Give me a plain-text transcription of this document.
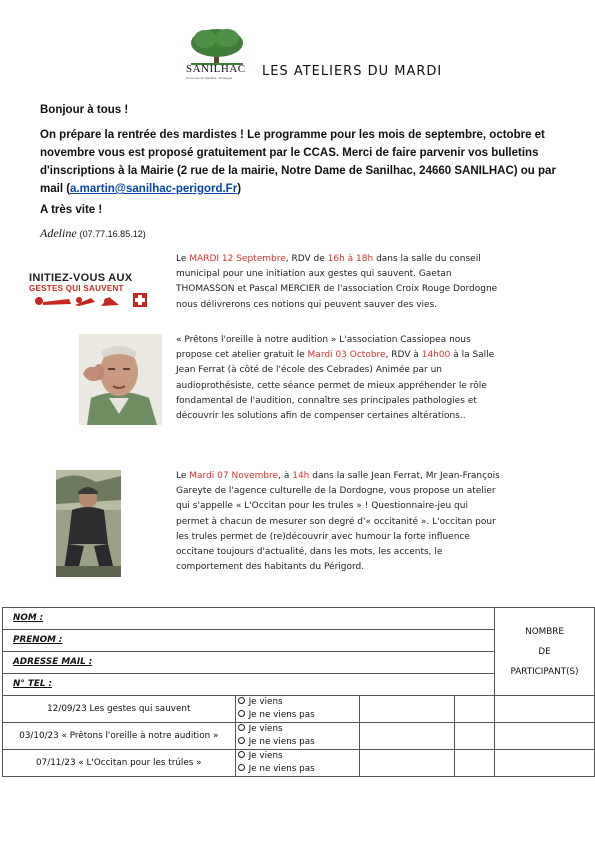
SANILHAC
Commune de Sanilhac - Dordogne	LES ATELIERS DU MARDI
Bonjour à tous !
On prépare la rentrée des mardistes ! Le programme pour les mois de septembre, octobre et novembre vous est proposé gratuitement par le CCAS. Merci de faire parvenir vos bulletins d'inscriptions à la Mairie (2 rue de la mairie, Notre Dame de Sanilhac, 24660 SANILHAC) ou par mail (a.martin@sanilhac-perigord.Fr)
A très vite !
Adeline (07.77.16.85.12)
INITIEZ-VOUS AUX
GESTES QUI SAUVENT
Le MARDI 12 Septembre, RDV de 16h à 18h dans la salle du conseil municipal pour une initiation aux gestes qui sauvent. Gaetan THOMASSON et Pascal MERCIER de l'association Croix Rouge Dordogne nous délivrerons ces notions qui peuvent sauver des vies.
« Prêtons l'oreille à notre audition » L'association Cassiopea nous propose cet atelier gratuit le Mardi 03 Octobre, RDV à 14h00 à la Salle Jean Ferrat (à côté de l'école des Cebrades) Animée par un audioprothésiste, cette séance permet de mieux appréhender le rôle fondamental de l'audition, connaître ses principales pathologies et découvrir les solutions afin de compenser certaines altérations..
Le Mardi 07 Novembre, à 14h dans la salle Jean Ferrat, Mr Jean-François Gareyte de l'agence culturelle de la Dordogne, vous propose un atelier qui s'appelle « L'Occitan pour les trules » ! Questionnaire-jeu qui permet à chacun de mesurer son degré d'« occitanité ». L'occitan pour les trules permet de (re)découvrir avec humour la forte influence occitane toujours d'actualité, dans les mots, les accents, le comportement des habitants du Périgord.
NOM :				NOMBRE
DE
PARTICIPANT(S)

PRENOM :				
ADRESSE MAIL :				
N° TEL :				
12/09/23 Les gestes qui sauvent	Je viens
Je ne viens pas			

03/10/23 « Prêtons l'oreille à notre audition »	Je viens
Je ne viens pas			

07/11/23 « L'Occitan pour les trúles »	Je viens
Je ne viens pas			
